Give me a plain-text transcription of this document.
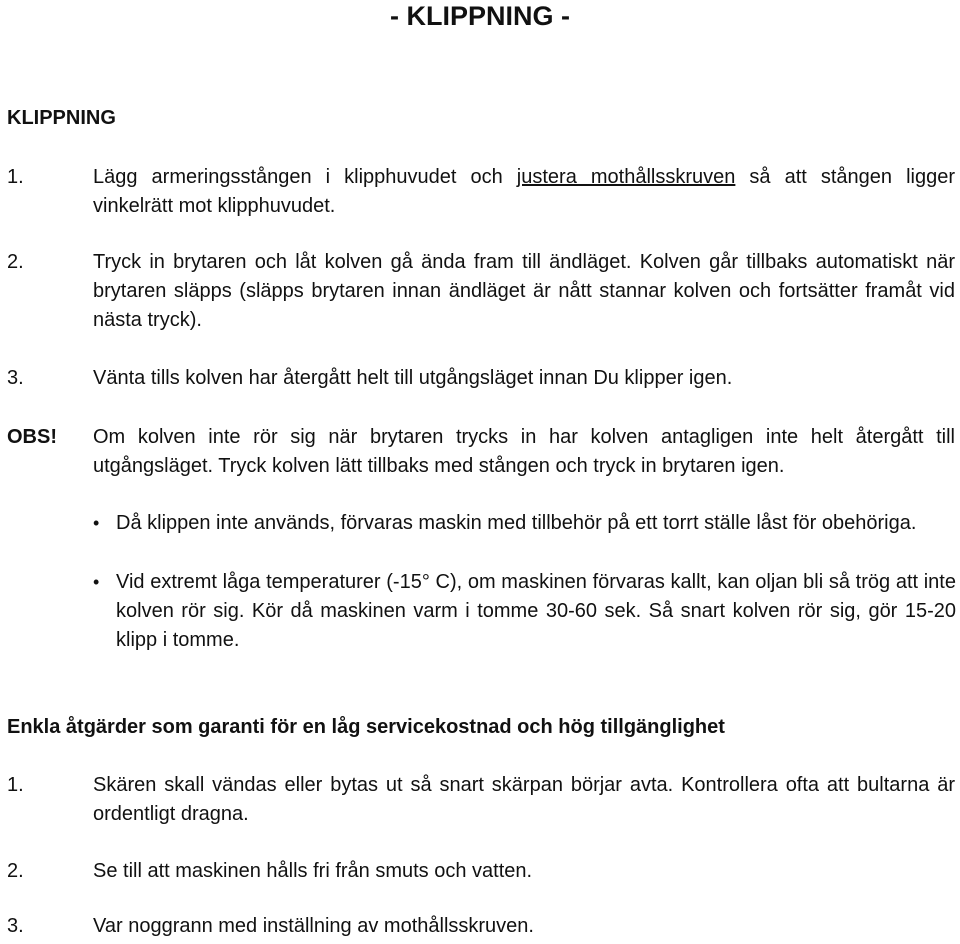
- KLIPPNING -
KLIPPNING
1.	Lägg armeringsstången i klipphuvudet och justera mothållsskruven så att stången ligger vinkelrätt mot klipphuvudet.
2.	Tryck in brytaren och låt kolven gå ända fram till ändläget. Kolven går tillbaks automatiskt när brytaren släpps (släpps brytaren innan ändläget är nått stannar kolven och fortsätter framåt vid nästa tryck).
3.	Vänta tills kolven har återgått helt till utgångsläget innan Du klipper igen.
OBS! Om kolven inte rör sig när brytaren trycks in har kolven antagligen inte helt återgått till utgångsläget. Tryck kolven lätt tillbaks med stången och tryck in brytaren igen.
• Då klippen inte används, förvaras maskin med tillbehör på ett torrt ställe låst för obehöriga.
• Vid extremt låga temperaturer (-15° C), om maskinen förvaras kallt, kan oljan bli så trög att inte kolven rör sig. Kör då maskinen varm i tomme 30-60 sek. Så snart kolven rör sig, gör 15-20 klipp i tomme.
Enkla åtgärder som garanti för en låg servicekostnad och hög tillgänglighet
1.	Skären skall vändas eller bytas ut så snart skärpan börjar avta. Kontrollera ofta att bultarna är ordentligt dragna.
2.	Se till att maskinen hålls fri från smuts och vatten.
3.	Var noggrann med inställning av mothållsskruven.
